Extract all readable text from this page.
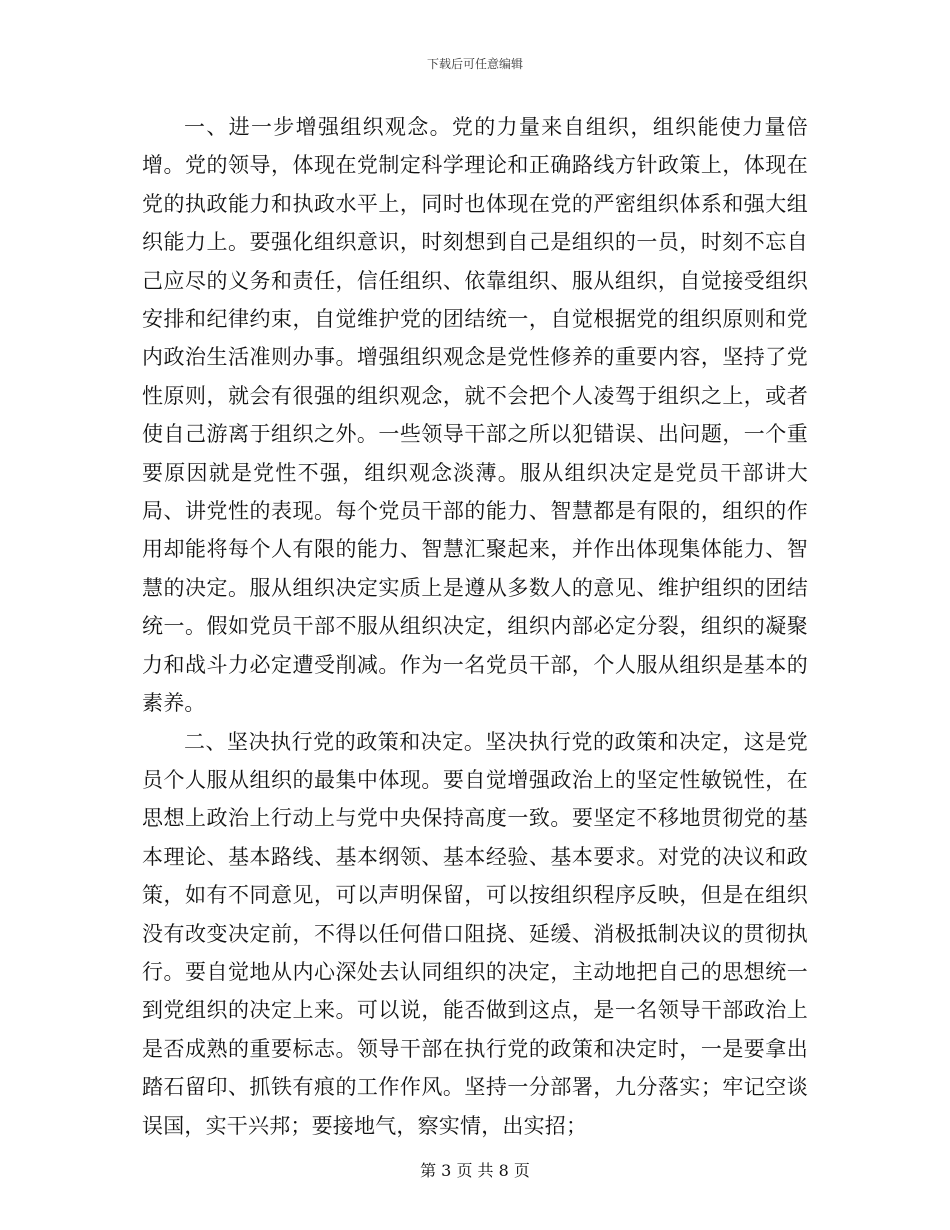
下载后可任意编辑

一、进一步增强组织观念。党的力量来自组织，组织能使力量倍增。党的领导，体现在党制定科学理论和正确路线方针政策上，体现在党的执政能力和执政水平上，同时也体现在党的严密组织体系和强大组织能力上。要强化组织意识，时刻想到自己是组织的一员，时刻不忘自己应尽的义务和责任，信任组织、依靠组织、服从组织，自觉接受组织安排和纪律约束，自觉维护党的团结统一，自觉根据党的组织原则和党内政治生活准则办事。增强组织观念是党性修养的重要内容，坚持了党性原则，就会有很强的组织观念，就不会把个人凌驾于组织之上，或者使自己游离于组织之外。一些领导干部之所以犯错误、出问题，一个重要原因就是党性不强，组织观念淡薄。服从组织决定是党员干部讲大局、讲党性的表现。每个党员干部的能力、智慧都是有限的，组织的作用却能将每个人有限的能力、智慧汇聚起来，并作出体现集体能力、智慧的决定。服从组织决定实质上是遵从多数人的意见、维护组织的团结统一。假如党员干部不服从组织决定，组织内部必定分裂，组织的凝聚力和战斗力必定遭受削减。作为一名党员干部，个人服从组织是基本的素养。

二、坚决执行党的政策和决定。坚决执行党的政策和决定，这是党员个人服从组织的最集中体现。要自觉增强政治上的坚定性敏锐性，在思想上政治上行动上与党中央保持高度一致。要坚定不移地贯彻党的基本理论、基本路线、基本纲领、基本经验、基本要求。对党的决议和政策，如有不同意见，可以声明保留，可以按组织程序反映，但是在组织没有改变决定前，不得以任何借口阻挠、延缓、消极抵制决议的贯彻执行。要自觉地从内心深处去认同组织的决定，主动地把自己的思想统一到党组织的决定上来。可以说，能否做到这点，是一名领导干部政治上是否成熟的重要标志。领导干部在执行党的政策和决定时，一是要拿出踏石留印、抓铁有痕的工作作风。坚持一分部署，九分落实；牢记空谈误国，实干兴邦；要接地气，察实情，出实招；

第 3 页 共 8 页
